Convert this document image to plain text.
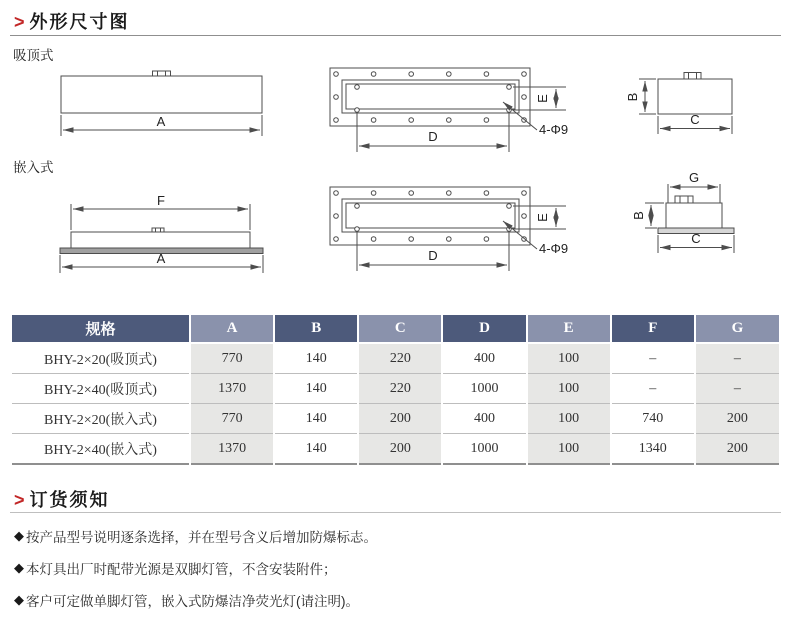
> 外形尺寸图
吸顶式
嵌入式
A
E
D	4-Φ9
B
C
F
A
E
D	4-Φ9
G
B
C
规格	A	B	C	D	E	F	G
BHY-2×20(吸顶式)	770	140	220	400	100	–	–
BHY-2×40(吸顶式)	1370	140	220	1000	100	–	–
BHY-2×20(嵌入式)	770	140	200	400	100	740	200
BHY-2×40(嵌入式)	1370	140	200	1000	100	1340	200
> 订货须知
◆ 按产品型号说明逐条选择，并在型号含义后增加防爆标志。
◆ 本灯具出厂时配带光源是双脚灯管，不含安装附件；
◆ 客户可定做单脚灯管，嵌入式防爆洁净荧光灯(请注明)。
